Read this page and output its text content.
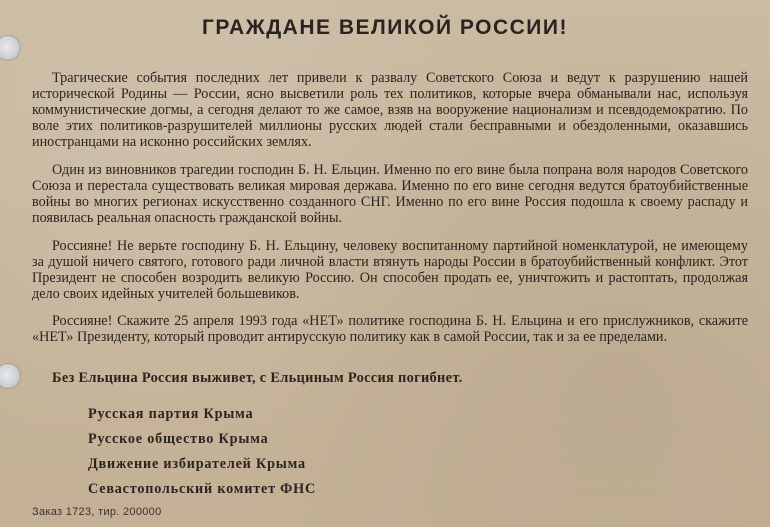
ГРАЖДАНЕ ВЕЛИКОЙ РОССИИ!

Трагические события последних лет привели к развалу Советского Союза и ведут к разрушению нашей исторической Родины — России, ясно высветили роль тех политиков, которые вчера обманывали нас, используя коммунистические догмы, а сегодня делают то же самое, взяв на вооружение национализм и псевдодемократию. По воле этих политиков-разрушителей миллионы русских людей стали бесправными и обездоленными, оказавшись иностранцами на исконно российских землях.

Один из виновников трагедии господин Б. Н. Ельцин. Именно по его вине была попрана воля народов Советского Союза и перестала существовать великая мировая держава. Именно по его вине сегодня ведутся братоубийственные войны во многих регионах искусственно созданного СНГ. Именно по его вине Россия подошла к своему распаду и появилась реальная опасность гражданской войны.

Россияне! Не верьте господину Б. Н. Ельцину, человеку воспитанному партийной номенклатурой, не имеющему за душой ничего святого, готового ради личной власти втянуть народы России в братоубийственный конфликт. Этот Президент не способен возродить великую Россию. Он способен продать ее, уничтожить и растоптать, продолжая дело своих идейных учителей большевиков.

Россияне! Скажите 25 апреля 1993 года «НЕТ» политике господина Б. Н. Ельцина и его прислужников, скажите «НЕТ» Президенту, который проводит антирусскую политику как в самой России, так и за ее пределами.

Без Ельцина Россия выживет, с Ельциным Россия погибнет.
Русская партия Крыма
Русское общество Крыма
Движение избирателей Крыма
Севастопольский комитет ФНС
Заказ 1723, тир. 200000
